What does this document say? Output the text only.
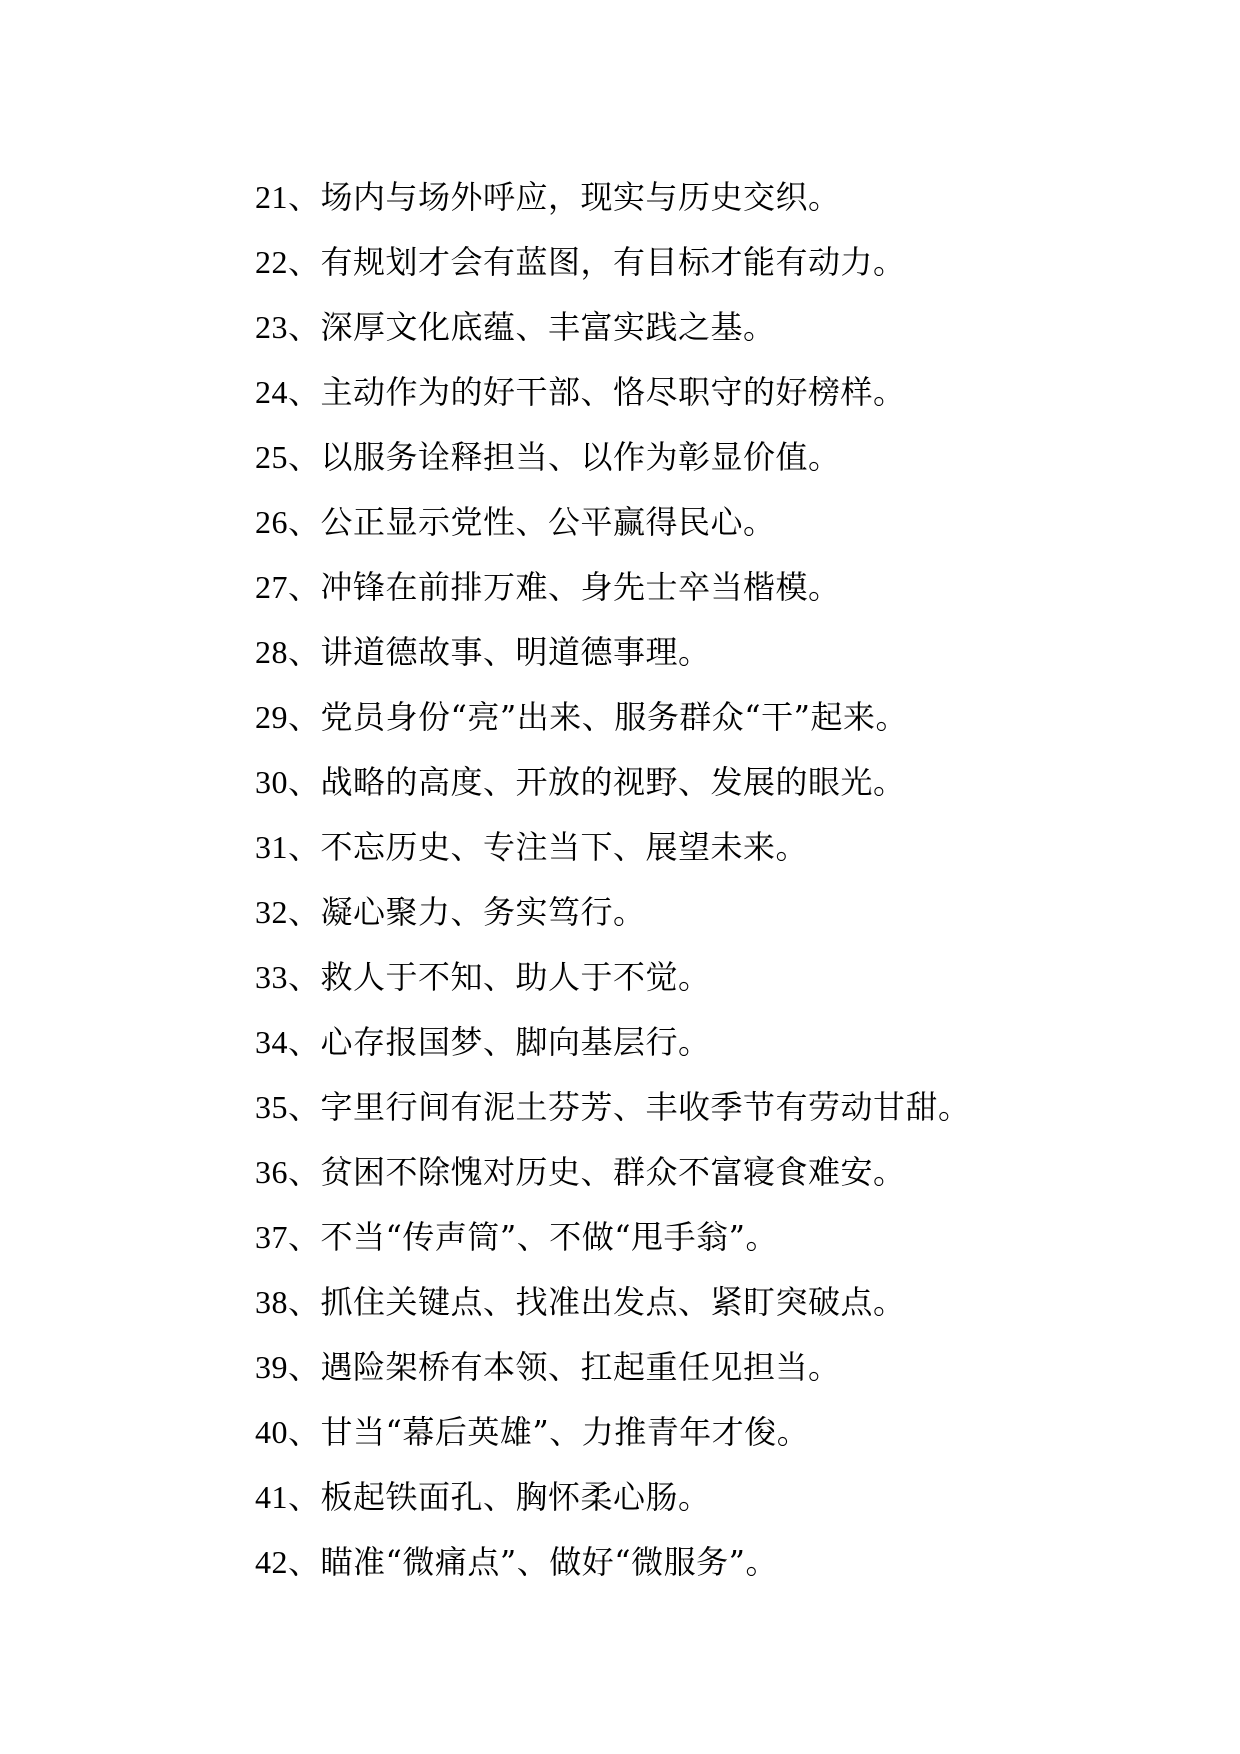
21、场内与场外呼应，现实与历史交织。
22、有规划才会有蓝图，有目标才能有动力。
23、深厚文化底蕴、丰富实践之基。
24、主动作为的好干部、恪尽职守的好榜样。
25、以服务诠释担当、以作为彰显价值。
26、公正显示党性、公平赢得民心。
27、冲锋在前排万难、身先士卒当楷模。
28、讲道德故事、明道德事理。
29、党员身份“亮”出来、服务群众“干”起来。
30、战略的高度、开放的视野、发展的眼光。
31、不忘历史、专注当下、展望未来。
32、凝心聚力、务实笃行。
33、救人于不知、助人于不觉。
34、心存报国梦、脚向基层行。
35、字里行间有泥土芬芳、丰收季节有劳动甘甜。
36、贫困不除愧对历史、群众不富寝食难安。
37、不当“传声筒”、不做“甩手翁”。
38、抓住关键点、找准出发点、紧盯突破点。
39、遇险架桥有本领、扛起重任见担当。
40、甘当“幕后英雄”、力推青年才俊。
41、板起铁面孔、胸怀柔心肠。
42、瞄准“微痛点”、做好“微服务”。
